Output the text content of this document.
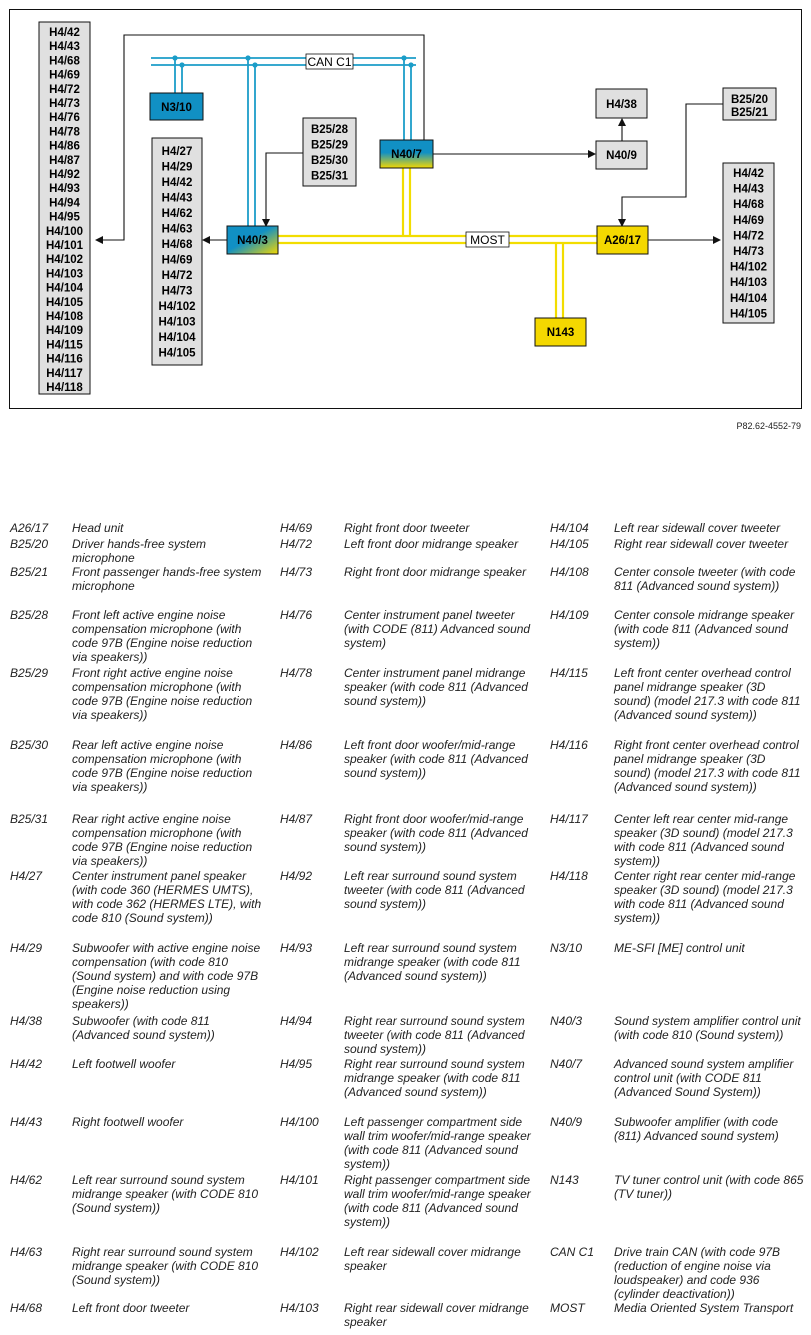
CAN C1
MOST
H4/42
H4/43
H4/68
H4/69
H4/72
H4/73
H4/76
H4/78
H4/86
H4/87
H4/92
H4/93
H4/94
H4/95
H4/100
H4/101
H4/102
H4/103
H4/104
H4/105
H4/108
H4/109
H4/115
H4/116
H4/117
H4/118
H4/27
H4/29
H4/42
H4/43
H4/62
H4/63
H4/68
H4/69
H4/72
H4/73
H4/102
H4/103
H4/104
H4/105
B25/28
B25/29
B25/30
B25/31
B25/20
B25/21
H4/42
H4/43
H4/68
H4/69
H4/72
H4/73
H4/102
H4/103
H4/104
H4/105
N3/10
N40/7
N40/3
H4/38
N40/9
A26/17
N143
P82.62-4552-79
A26/17	Head unit
B25/20	Driver hands-free system microphone
B25/21	Front passenger hands-free system microphone
B25/28	Front left active engine noise compensation microphone (with code 97B (Engine noise reduction via speakers))
B25/29	Front right active engine noise compensation microphone (with code 97B (Engine noise reduction via speakers))
B25/30	Rear left active engine noise compensation microphone (with code 97B (Engine noise reduction via speakers))
B25/31	Rear right active engine noise compensation microphone (with code 97B (Engine noise reduction via speakers))
H4/27	Center instrument panel speaker (with code 360 (HERMES UMTS), with code 362 (HERMES LTE), with code 810 (Sound system))
H4/29	Subwoofer with active engine noise compensation (with code 810 (Sound system) and with code 97B (Engine noise reduction using speakers))
H4/38	Subwoofer (with code 811 (Advanced sound system))
H4/42	Left footwell woofer
H4/43	Right footwell woofer
H4/62	Left rear surround sound system midrange speaker (with CODE 810 (Sound system))
H4/63	Right rear surround sound system midrange speaker (with CODE 810 (Sound system))
H4/68	Left front door tweeter
H4/69	Right front door tweeter
H4/72	Left front door midrange speaker
H4/73	Right front door midrange speaker
H4/76	Center instrument panel tweeter (with CODE (811) Advanced sound system)
H4/78	Center instrument panel midrange speaker (with code 811 (Advanced sound system))
H4/86	Left front door woofer/mid-range speaker (with code 811 (Advanced sound system))
H4/87	Right front door woofer/mid-range speaker (with code 811 (Advanced sound system))
H4/92	Left rear surround sound system tweeter (with code 811 (Advanced sound system))
H4/93	Left rear surround sound system midrange speaker (with code 811 (Advanced sound system))
H4/94	Right rear surround sound system tweeter (with code 811 (Advanced sound system))
H4/95	Right rear surround sound system midrange speaker (with code 811 (Advanced sound system))
H4/100	Left passenger compartment side wall trim woofer/mid-range speaker (with code 811 (Advanced sound system))
H4/101	Right passenger compartment side wall trim woofer/mid-range speaker (with code 811 (Advanced sound system))
H4/102	Left rear sidewall cover midrange speaker
H4/103	Right rear sidewall cover midrange speaker
H4/104	Left rear sidewall cover tweeter
H4/105	Right rear sidewall cover tweeter
H4/108	Center console tweeter (with code 811 (Advanced sound system))
H4/109	Center console midrange speaker (with code 811 (Advanced sound system))
H4/115	Left front center overhead control panel midrange speaker (3D sound) (model 217.3 with code 811 (Advanced sound system))
H4/116	Right front center overhead control panel midrange speaker (3D sound) (model 217.3 with code 811 (Advanced sound system))
H4/117	Center left rear center mid-range speaker (3D sound) (model 217.3 with code 811 (Advanced sound system))
H4/118	Center right rear center mid-range speaker (3D sound) (model 217.3 with code 811 (Advanced sound system))
N3/10	ME-SFI [ME] control unit
N40/3	Sound system amplifier control unit (with code 810 (Sound system))
N40/7	Advanced sound system amplifier control unit (with CODE 811 (Advanced Sound System))
N40/9	Subwoofer amplifier (with code (811) Advanced sound system)
N143	TV tuner control unit (with code 865 (TV tuner))
CAN C1	Drive train CAN (with code 97B (reduction of engine noise via loudspeaker) and code 936 (cylinder deactivation))
MOST	Media Oriented System Transport
